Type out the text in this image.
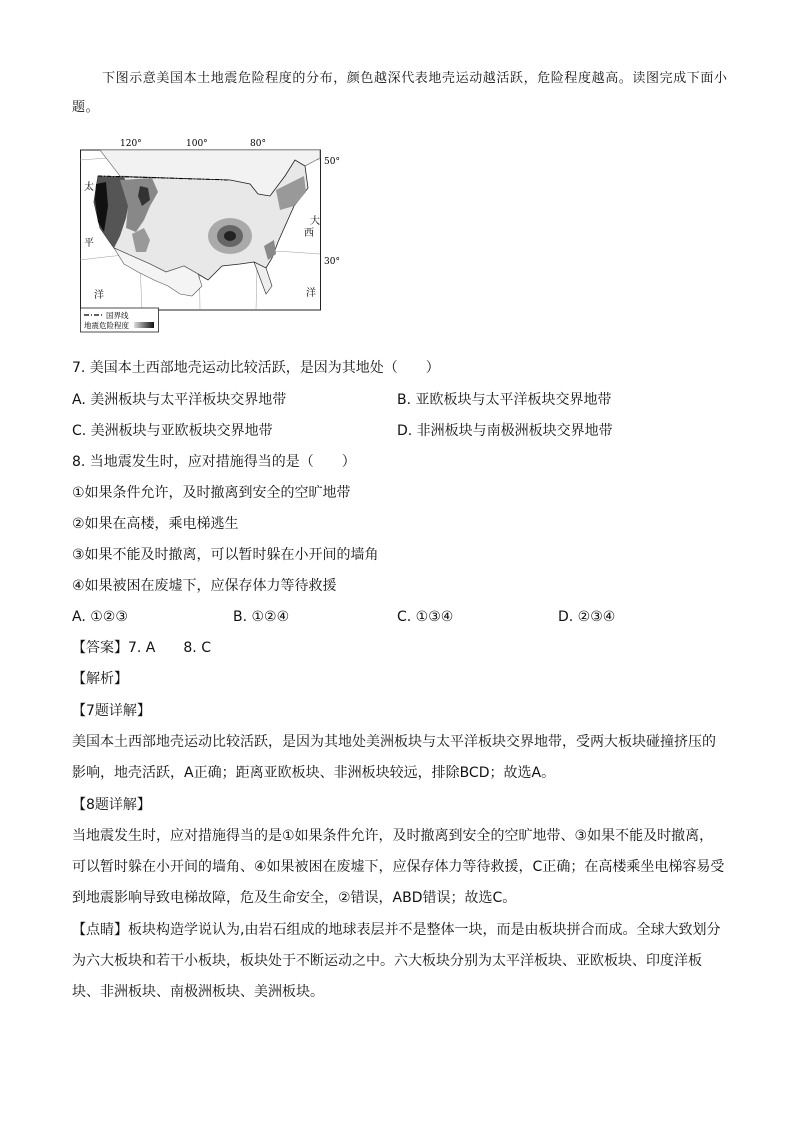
下图示意美国本土地震危险程度的分布，颜色越深代表地壳运动越活跃，危险程度越高。读图完成下面小题。
120°	100°	80°
50°
30°
太
平
洋
大
西
洋
国界线
地震危险程度
7. 美国本土西部地壳运动比较活跃，是因为其地处（　　）
A. 美洲板块与太平洋板块交界地带	B. 亚欧板块与太平洋板块交界地带
C. 美洲板块与亚欧板块交界地带	D. 非洲板块与南极洲板块交界地带
8. 当地震发生时，应对措施得当的是（　　）
①如果条件允许，及时撤离到安全的空旷地带
②如果在高楼，乘电梯逃生
③如果不能及时撤离，可以暂时躲在小开间的墙角
④如果被困在废墟下，应保存体力等待救援
A. ①②③	B. ①②④	C. ①③④	D. ②③④
【答案】7. A　　8. C
【解析】
【7题详解】
美国本土西部地壳运动比较活跃，是因为其地处美洲板块与太平洋板块交界地带，受两大板块碰撞挤压的影响，地壳活跃，A正确；距离亚欧板块、非洲板块较远，排除BCD；故选A。
【8题详解】
当地震发生时，应对措施得当的是①如果条件允许，及时撤离到安全的空旷地带、③如果不能及时撤离，可以暂时躲在小开间的墙角、④如果被困在废墟下，应保存体力等待救援，C正确；在高楼乘坐电梯容易受到地震影响导致电梯故障，危及生命安全，②错误，ABD错误；故选C。
【点睛】板块构造学说认为,由岩石组成的地球表层并不是整体一块，而是由板块拼合而成。全球大致划分为六大板块和若干小板块，板块处于不断运动之中。六大板块分别为太平洋板块、亚欧板块、印度洋板块、非洲板块、南极洲板块、美洲板块。
